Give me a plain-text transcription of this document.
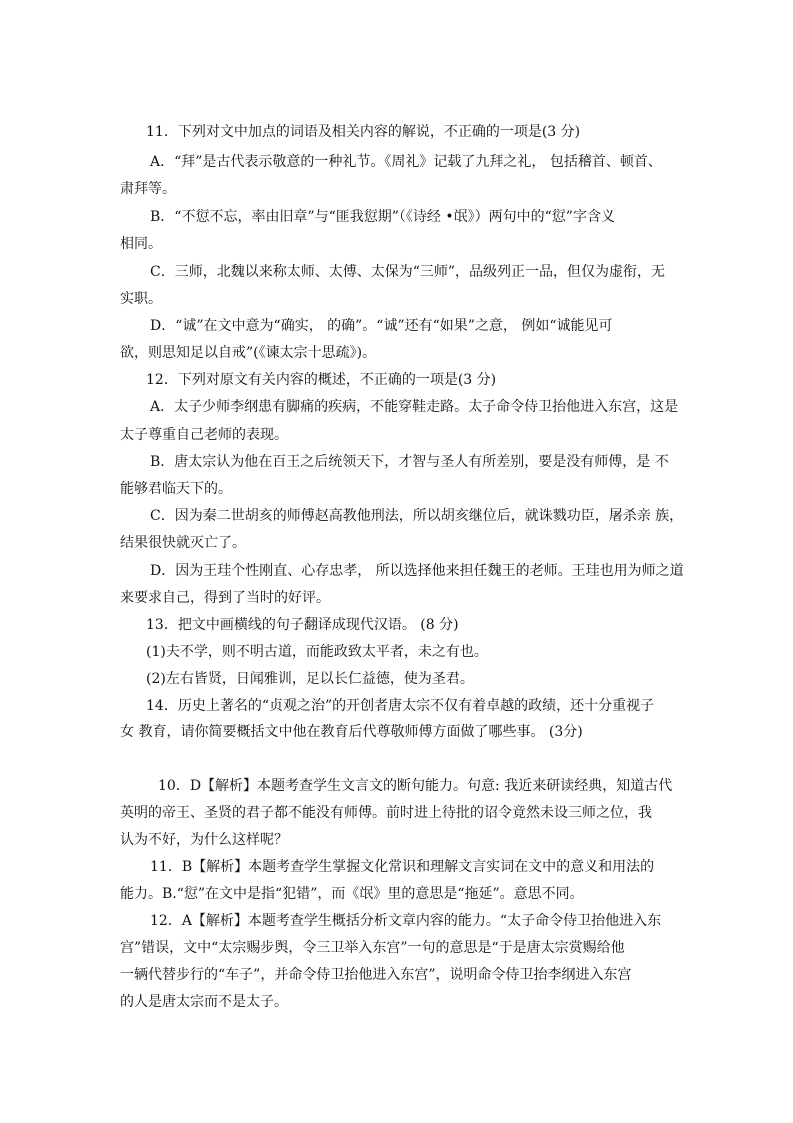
11．下列对文中加点的词语及相关内容的解说，不正确的一项是(3 分)
A．“拜”是古代表示敬意的一种礼节。《周礼》记载了九拜之礼， 包括稽首、顿首、
肃拜等。
B．“不愆不忘，率由旧章”与“匪我愆期”（《诗经 •氓》）两句中的“愆”字含义
相同。
C．三师，北魏以来称太师、太傅、太保为“三师”，品级列正一品，但仅为虚衔，无
实职。
D．“诚”在文中意为“确实， 的确”。“诚”还有“如果”之意， 例如“诚能见可
欲，则思知足以自戒”(《谏太宗十思疏》)。
12．下列对原文有关内容的概述，不正确的一项是(3 分)
A．太子少师李纲患有脚痛的疾病，不能穿鞋走路。太子命令侍卫抬他进入东宫，这是
太子尊重自己老师的表现。
B．唐太宗认为他在百王之后统领天下，才智与圣人有所差别，要是没有师傅，是 不
能够君临天下的。
C．因为秦二世胡亥的师傅赵高教他刑法，所以胡亥继位后，就诛戮功臣，屠杀亲 族，
结果很快就灭亡了。
D．因为王珪个性刚直、心存忠孝， 所以选择他来担任魏王的老师。王珪也用为师之道
来要求自己，得到了当时的好评。
13．把文中画横线的句子翻译成现代汉语。 (8 分)
(1)夫不学，则不明古道，而能政致太平者，未之有也。
(2)左右皆贤，日闻雅训，足以长仁益德，使为圣君。
14．历史上著名的“贞观之治”的开创者唐太宗不仅有着卓越的政绩，还十分重视子
女 教育，请你简要概括文中他在教育后代尊敬师傅方面做了哪些事。 (3分)
10．D【解析】本题考查学生文言文的断句能力。句意: 我近来研读经典，知道古代
英明的帝王、圣贤的君子都不能没有师傅。前时进上待批的诏令竟然未设三师之位，我
认为不好，为什么这样呢？
11．B【解析】本题考查学生掌握文化常识和理解文言实词在文中的意义和用法的
能力。B.“愆”在文中是指“犯错”，而《氓》里的意思是“拖延”。意思不同。
12．A【解析】本题考查学生概括分析文章内容的能力。“太子命令侍卫抬他进入东
宫”错误，文中“太宗赐步舆，令三卫举入东宫”一句的意思是“于是唐太宗赏赐给他
一辆代替步行的“车子”，并命令侍卫抬他进入东宫”，说明命令侍卫抬李纲进入东宫
的人是唐太宗而不是太子。
